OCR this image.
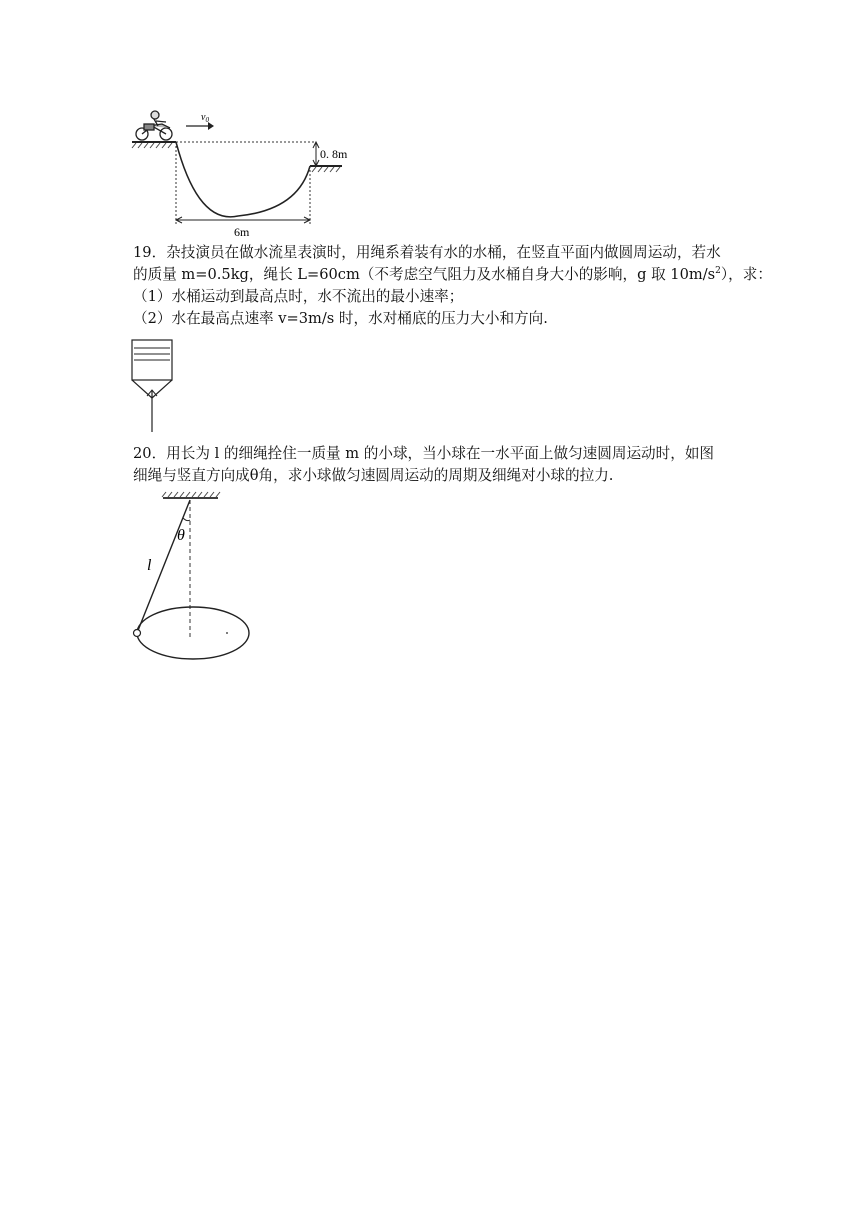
$v_0$
0. 8m
6m
19．杂技演员在做水流星表演时，用绳系着装有水的水桶，在竖直平面内做圆周运动，若水
的质量 m=0.5kg，绳长 L=60cm（不考虑空气阻力及水桶自身大小的影响，g 取 $10m/s^2$），求：
（1）水桶运动到最高点时，水不流出的最小速率；
（2）水在最高点速率 v=3m/s 时，水对桶底的压力大小和方向.
20．用长为 l 的细绳拴住一质量 m 的小球，当小球在一水平面上做匀速圆周运动时，如图
细绳与竖直方向成θ角，求小球做匀速圆周运动的周期及细绳对小球的拉力.
θ
l
